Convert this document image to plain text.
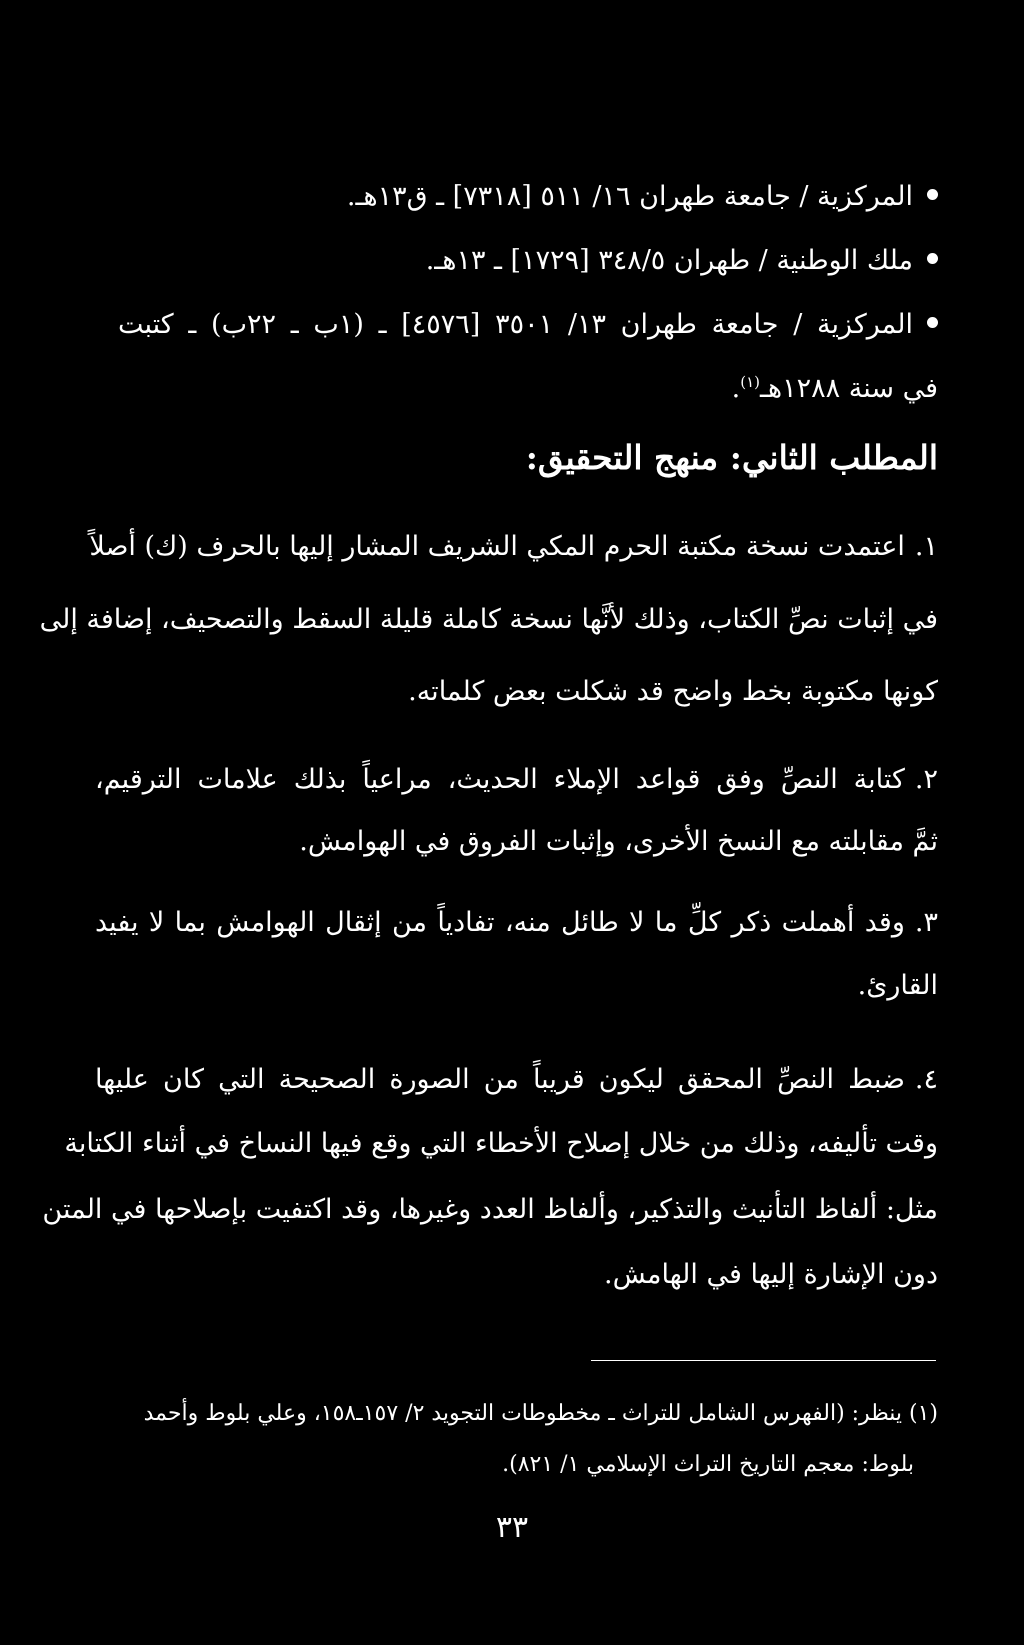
المركزية / جامعة طهران ١٦/ ٥١١ [٧٣١٨] ـ ق١٣هـ.
ملك الوطنية / طهران ٣٤٨/٥ [١٧٢٩] ـ ١٣هـ.
المركزية / جامعة طهران ١٣/ ٣٥٠١ [٤٥٧٦] ـ (١ب ـ ٢٢ب) ـ كتبت
في سنة ١٢٨٨هـ$^{(١)}$.
المطلب الثاني: منهج التحقيق:
١.اعتمدت نسخة مكتبة الحرم المكي الشريف المشار إليها بالحرف (ك) أصلاً
في إثبات نصِّ الكتاب، وذلك لأنَّها نسخة كاملة قليلة السقط والتصحيف، إضافة إلى
كونها مكتوبة بخط واضح قد شكلت بعض كلماته.
٢.كتابة النصِّ وفق قواعد الإملاء الحديث، مراعياً بذلك علامات الترقيم،
ثمَّ مقابلته مع النسخ الأخرى، وإثبات الفروق في الهوامش.
٣.وقد أهملت ذكر كلِّ ما لا طائل منه، تفادياً من إثقال الهوامش بما لا يفيد
القارئ.
٤.ضبط النصِّ المحقق ليكون قريباً من الصورة الصحيحة التي كان عليها
وقت تأليفه، وذلك من خلال إصلاح الأخطاء التي وقع فيها النساخ في أثناء الكتابة
مثل: ألفاظ التأنيث والتذكير، وألفاظ العدد وغيرها، وقد اكتفيت بإصلاحها في المتن
دون الإشارة إليها في الهامش.
(١) ينظر: (الفهرس الشامل للتراث ـ مخطوطات التجويد ٢/ ١٥٧ـ١٥٨، وعلي بلوط وأحمد
بلوط: معجم التاريخ التراث الإسلامي ١/ ٨٢١).
٣٣
